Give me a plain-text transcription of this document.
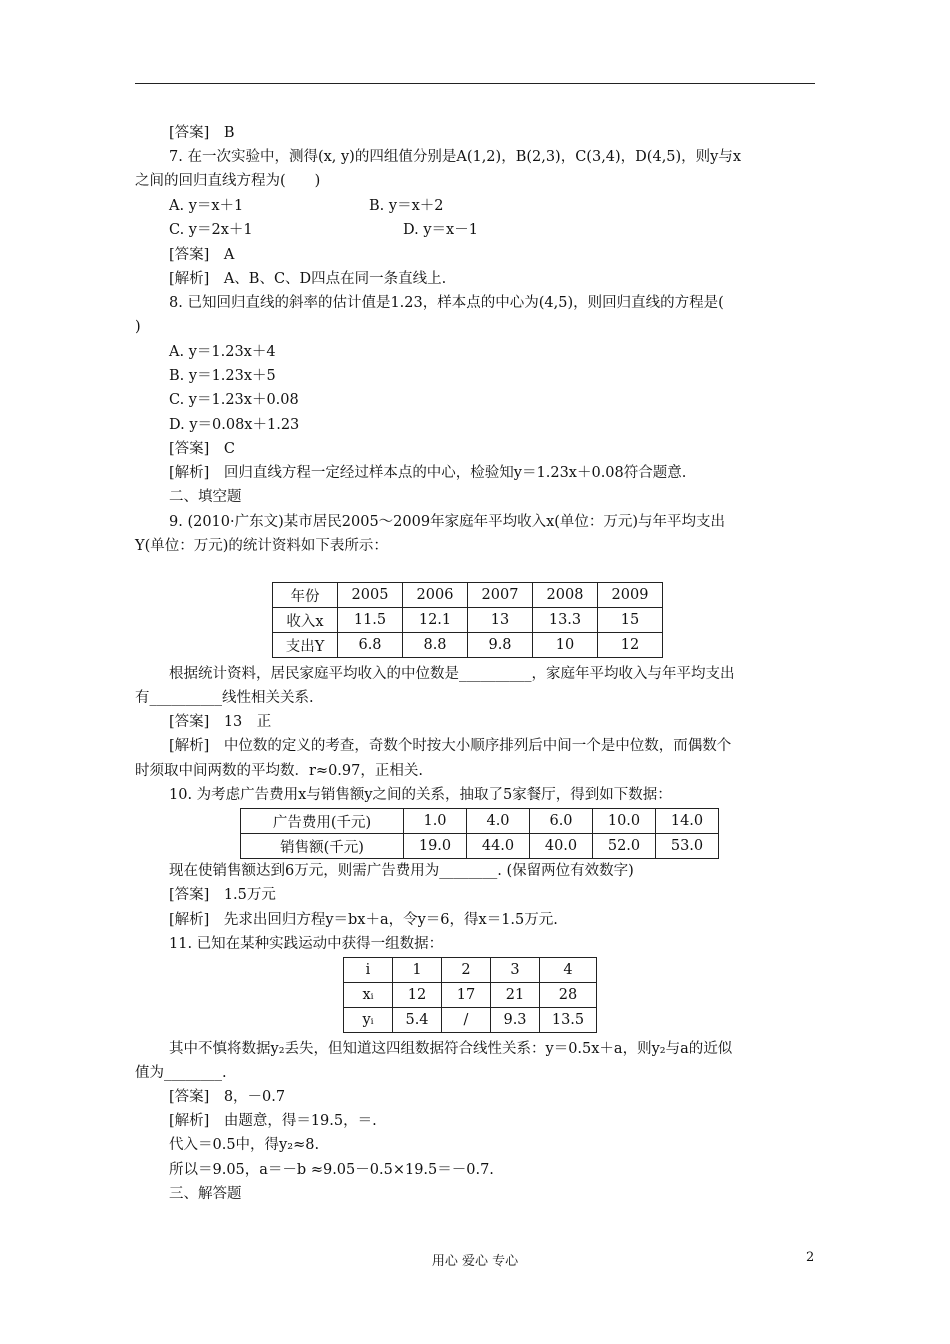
[答案]　B
7. 在一次实验中，测得(x, y)的四组值分别是A(1,2)，B(2,3)，C(3,4)，D(4,5)，则y与x
之间的回归直线方程为(　　)
A. y＝x＋1	B. y＝x＋2
C. y＝2x＋1	D. y＝x－1
[答案]　A
[解析]　A、B、C、D四点在同一条直线上.
8. 已知回归直线的斜率的估计值是1.23，样本点的中心为(4,5)，则回归直线的方程是(
)
A. y＝1.23x＋4
B. y＝1.23x＋5
C. y＝1.23x＋0.08
D. y＝0.08x＋1.23
[答案]　C
[解析]　回归直线方程一定经过样本点的中心，检验知y＝1.23x＋0.08符合题意.
二、填空题
9. (2010·广东文)某市居民2005～2009年家庭年平均收入x(单位：万元)与年平均支出
Y(单位：万元)的统计资料如下表所示：
年份	2005	2006	2007	2008	2009
收入x	11.5	12.1	13	13.3	15
支出Y	6.8	8.8	9.8	10	12
根据统计资料，居民家庭平均收入的中位数是__________，家庭年平均收入与年平均支出
有__________线性相关关系.
[答案]　13　正
[解析]　中位数的定义的考查，奇数个时按大小顺序排列后中间一个是中位数，而偶数个
时须取中间两数的平均数．r≈0.97，正相关.
10. 为考虑广告费用x与销售额y之间的关系，抽取了5家餐厅，得到如下数据：
广告费用(千元)	1.0	4.0	6.0	10.0	14.0
销售额(千元)	19.0	44.0	40.0	52.0	53.0
现在使销售额达到6万元，则需广告费用为________. (保留两位有效数字)
[答案]　1.5万元
[解析]　先求出回归方程y＝bx＋a，令y＝6，得x＝1.5万元.
11. 已知在某种实践运动中获得一组数据：
i	1	2	3	4
xᵢ	12	17	21	28
yᵢ	5.4	/	9.3	13.5
其中不慎将数据y₂丢失，但知道这四组数据符合线性关系：y＝0.5x＋a，则y₂与a的近似
值为________.
[答案]　8，－0.7
[解析]　由题意，得＝19.5，＝.
代入＝0.5中，得y₂≈8.
所以＝9.05，a＝－b ≈9.05－0.5×19.5＝－0.7.
三、解答题
用心 爱心 专心	2
